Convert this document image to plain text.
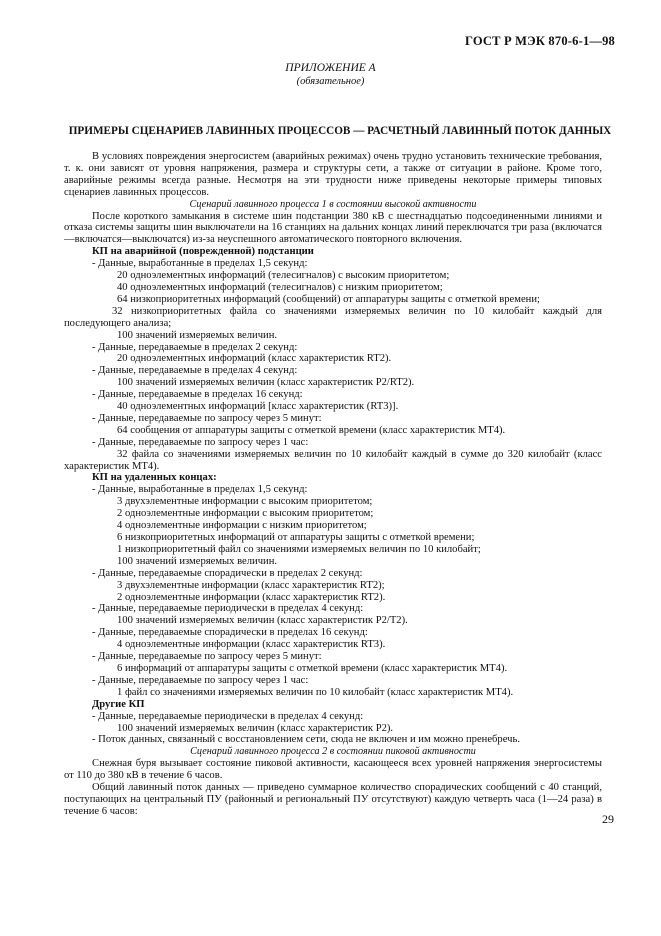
ГОСТ Р МЭК 870-6-1—98
ПРИЛОЖЕНИЕ А
(обязательное)
ПРИМЕРЫ СЦЕНАРИЕВ ЛАВИННЫХ ПРОЦЕССОВ — РАСЧЕТНЫЙ ЛАВИННЫЙ ПОТОК ДАННЫХ
В условиях повреждения энергосистем (аварийных режимах) очень трудно установить технические требования, т. к. они зависят от уровня напряжения, размера и структуры сети, а также от ситуации в районе. Кроме того, аварийные режимы всегда разные. Несмотря на эти трудности ниже приведены некоторые примеры типовых сценариев лавинных процессов.
Сценарий лавинного процесса 1 в состоянии высокой активности
После короткого замыкания в системе шин подстанции 380 кВ с шестнадцатью подсоединенными линиями и отказа системы защиты шин выключатели на 16 станциях на дальних концах линий переключатся три раза (включатся—включатся—выключатся) из-за неуспешного автоматического повторного включения.
КП на аварийной (поврежденной) подстанции
- Данные, выработанные в пределах 1,5 секунд:
20 одноэлементных информаций (телесигналов) с высоким приоритетом;
40 одноэлементных информаций (телесигналов) с низким приоритетом;
64 низкоприоритетных информаций (сообщений) от аппаратуры защиты с отметкой времени;
32 низкоприоритетных файла со значениями измеряемых величин по 10 килобайт каждый для последующего анализа;
100 значений измеряемых величин.
- Данные, передаваемые в пределах 2 секунд:
20 одноэлементных информаций (класс характеристик RT2).
- Данные, передаваемые в пределах 4 секунд:
100 значений измеряемых величин (класс характеристик P2/RT2).
- Данные, передаваемые в пределах 16 секунд:
40 одноэлементных информаций [класс характеристик (RT3)].
- Данные, передаваемые по запросу через 5 минут:
64 сообщения от аппаратуры защиты с отметкой времени (класс характеристик MT4).
- Данные, передаваемые по запросу через 1 час:
32 файла со значениями измеряемых величин по 10 килобайт каждый в сумме до 320 килобайт (класс характеристик MT4).
КП на удаленных концах:
- Данные, выработанные в пределах 1,5 секунд:
3 двухэлементные информации с высоким приоритетом;
2 одноэлементные информации с высоким приоритетом;
4 одноэлементные информации с низким приоритетом;
6 низкоприоритетных информаций от аппаратуры защиты с отметкой времени;
1 низкоприоритетный файл со значениями измеряемых величин по 10 килобайт;
100 значений измеряемых величин.
- Данные, передаваемые спорадически в пределах 2 секунд:
3 двухэлементные информации (класс характеристик RT2);
2 одноэлементные информации (класс характеристик RT2).
- Данные, передаваемые периодически в пределах 4 секунд:
100 значений измеряемых величин (класс характеристик P2/T2).
- Данные, передаваемые спорадически в пределах 16 секунд:
4 одноэлементные информации (класс характеристик RT3).
- Данные, передаваемые по запросу через 5 минут:
6 информаций от аппаратуры защиты с отметкой времени (класс характеристик MT4).
- Данные, передаваемые по запросу через 1 час:
1 файл со значениями измеряемых величин по 10 килобайт (класс характеристик MT4).
Другие КП
- Данные, передаваемые периодически в пределах 4 секунд:
100 значений измеряемых величин (класс характеристик P2).
- Поток данных, связанный с восстановлением сети, сюда не включен и им можно пренебречь.
Сценарий лавинного процесса 2 в состоянии пиковой активности
Снежная буря вызывает состояние пиковой активности, касающееся всех уровней напряжения энергосистемы от 110 до 380 кВ в течение 6 часов.
Общий лавинный поток данных — приведено суммарное количество спорадических сообщений с 40 станций, поступающих на центральный ПУ (районный и региональный ПУ отсутствуют) каждую четверть часа (1—24 раза) в течение 6 часов:
29
